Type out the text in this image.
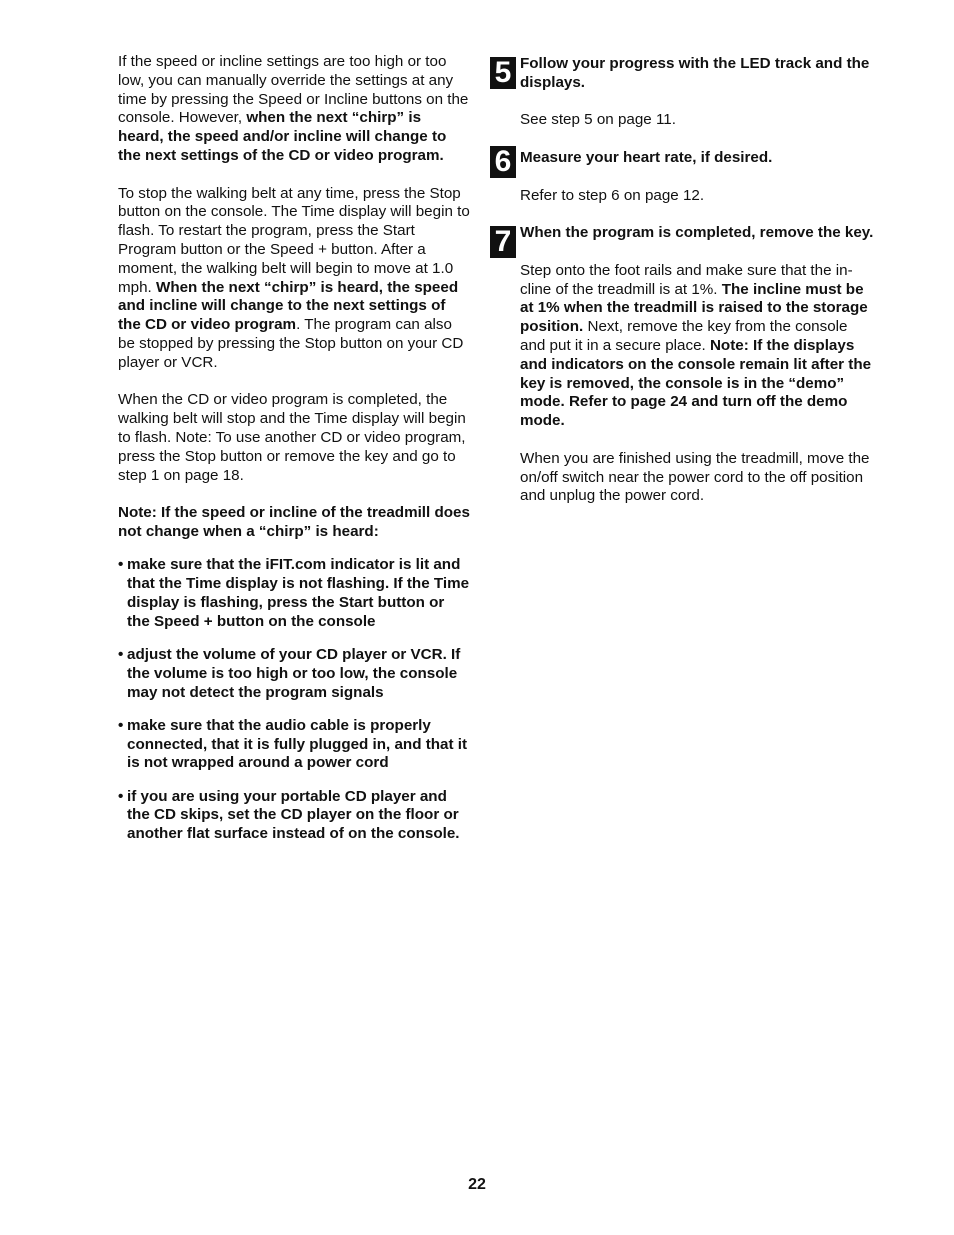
If the speed or incline settings are too high or too low, you can manually override the settings at any time by pressing the Speed or Incline buttons on the console. However, when the next “chirp” is heard, the speed and/or incline will change to the next settings of the CD or video program.

To stop the walking belt at any time, press the Stop button on the console. The Time display will begin to flash. To restart the program, press the Start Program button or the Speed + button. After a moment, the walking belt will begin to move at 1.0 mph. When the next “chirp” is heard, the speed and incline will change to the next settings of the CD or video program. The program can also be stopped by pressing the Stop button on your CD player or VCR.

When the CD or video program is completed, the walking belt will stop and the Time display will begin to flash. Note: To use another CD or video program, press the Stop button or remove the key and go to step 1 on page 18.

Note: If the speed or incline of the treadmill does not change when a “chirp” is heard:

• make sure that the iFIT.com indicator is lit and that the Time display is not flashing. If the Time display is flashing, press the Start button or the Speed + button on the console
• adjust the volume of your CD player or VCR. If the volume is too high or too low, the console may not detect the program signals
• make sure that the audio cable is properly connected, that it is fully plugged in, and that it is not wrapped around a power cord
• if you are using your portable CD player and the CD skips, set the CD player on the floor or another flat surface instead of on the console.
5 Follow your progress with the LED track and the displays.

See step 5 on page 11.

6 Measure your heart rate, if desired.

Refer to step 6 on page 12.

7 When the program is completed, remove the key.

Step onto the foot rails and make sure that the incline of the treadmill is at 1%. The incline must be at 1% when the treadmill is raised to the storage position. Next, remove the key from the console and put it in a secure place. Note: If the displays and indicators on the console remain lit after the key is removed, the console is in the “demo” mode. Refer to page 24 and turn off the demo mode.

When you are finished using the treadmill, move the on/off switch near the power cord to the off position and unplug the power cord.

22
